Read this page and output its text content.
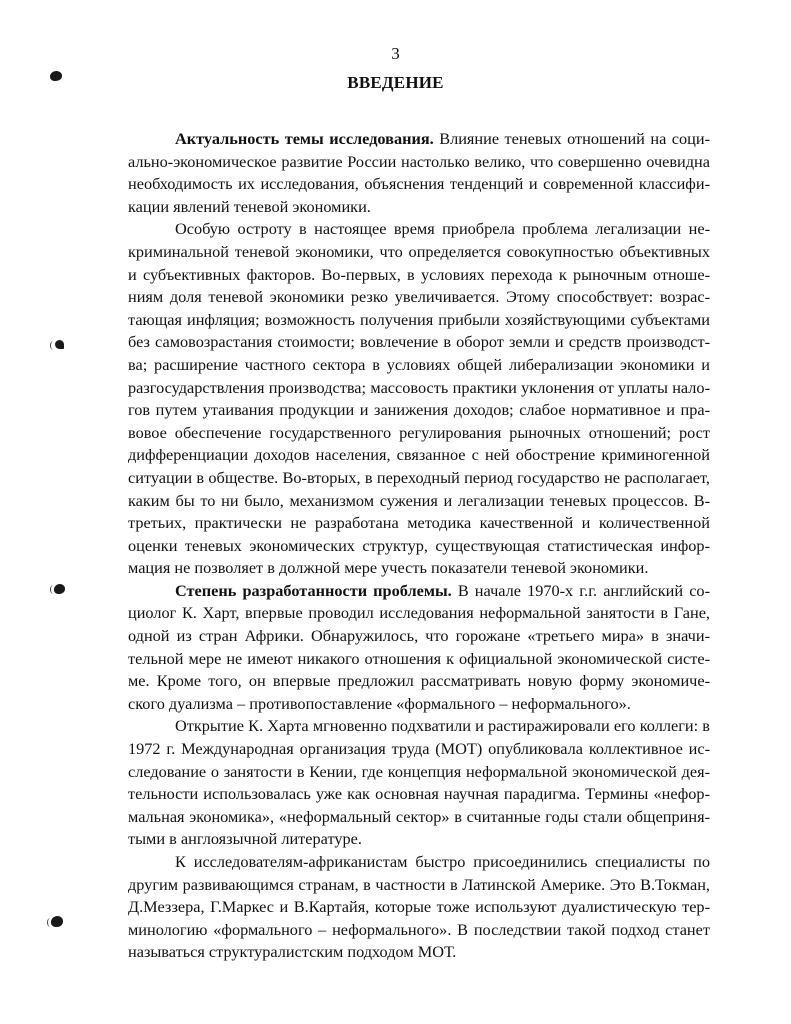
3
ВВЕДЕНИЕ

Актуальность темы исследования. Влияние теневых отношений на социально-экономическое развитие России настолько велико, что совершенно очевидна необходимость их исследования, объяснения тенденций и современной классификации явлений теневой экономики.

Особую остроту в настоящее время приобрела проблема легализации некриминальной теневой экономики, что определяется совокупностью объективных и субъективных факторов. Во-первых, в условиях перехода к рыночным отношениям доля теневой экономики резко увеличивается. Этому способствует: возрастающая инфляция; возможность получения прибыли хозяйствующими субъектами без самовозрастания стоимости; вовлечение в оборот земли и средств производства; расширение частного сектора в условиях общей либерализации экономики и разгосударствления производства; массовость практики уклонения от уплаты налогов путем утаивания продукции и занижения доходов; слабое нормативное и правовое обеспечение государственного регулирования рыночных отношений; рост дифференциации доходов населения, связанное с ней обострение криминогенной ситуации в обществе. Во-вторых, в переходный период государство не располагает, каким бы то ни было, механизмом сужения и легализации теневых процессов. В-третьих, практически не разработана методика качественной и количественной оценки теневых экономических структур, существующая статистическая информация не позволяет в должной мере учесть показатели теневой экономики.

Степень разработанности проблемы. В начале 1970-х г.г. английский социолог К. Харт, впервые проводил исследования неформальной занятости в Гане, одной из стран Африки. Обнаружилось, что горожане «третьего мира» в значительной мере не имеют никакого отношения к официальной экономической системе. Кроме того, он впервые предложил рассматривать новую форму экономического дуализма – противопоставление «формального – неформального».

Открытие К. Харта мгновенно подхватили и растиражировали его коллеги: в 1972 г. Международная организация труда (МОТ) опубликовала коллективное исследование о занятости в Кении, где концепция неформальной экономической деятельности использовалась уже как основная научная парадигма. Термины «неформальная экономика», «неформальный сектор» в считанные годы стали общепринятыми в англоязычной литературе.

К исследователям-африканистам быстро присоединились специалисты по другим развивающимся странам, в частности в Латинской Америке. Это В.Токман, Д.Меззера, Г.Маркес и В.Картайя, которые тоже используют дуалистическую терминологию «формального – неформального». В последствии такой подход станет называться структуралистским подходом МОТ.
